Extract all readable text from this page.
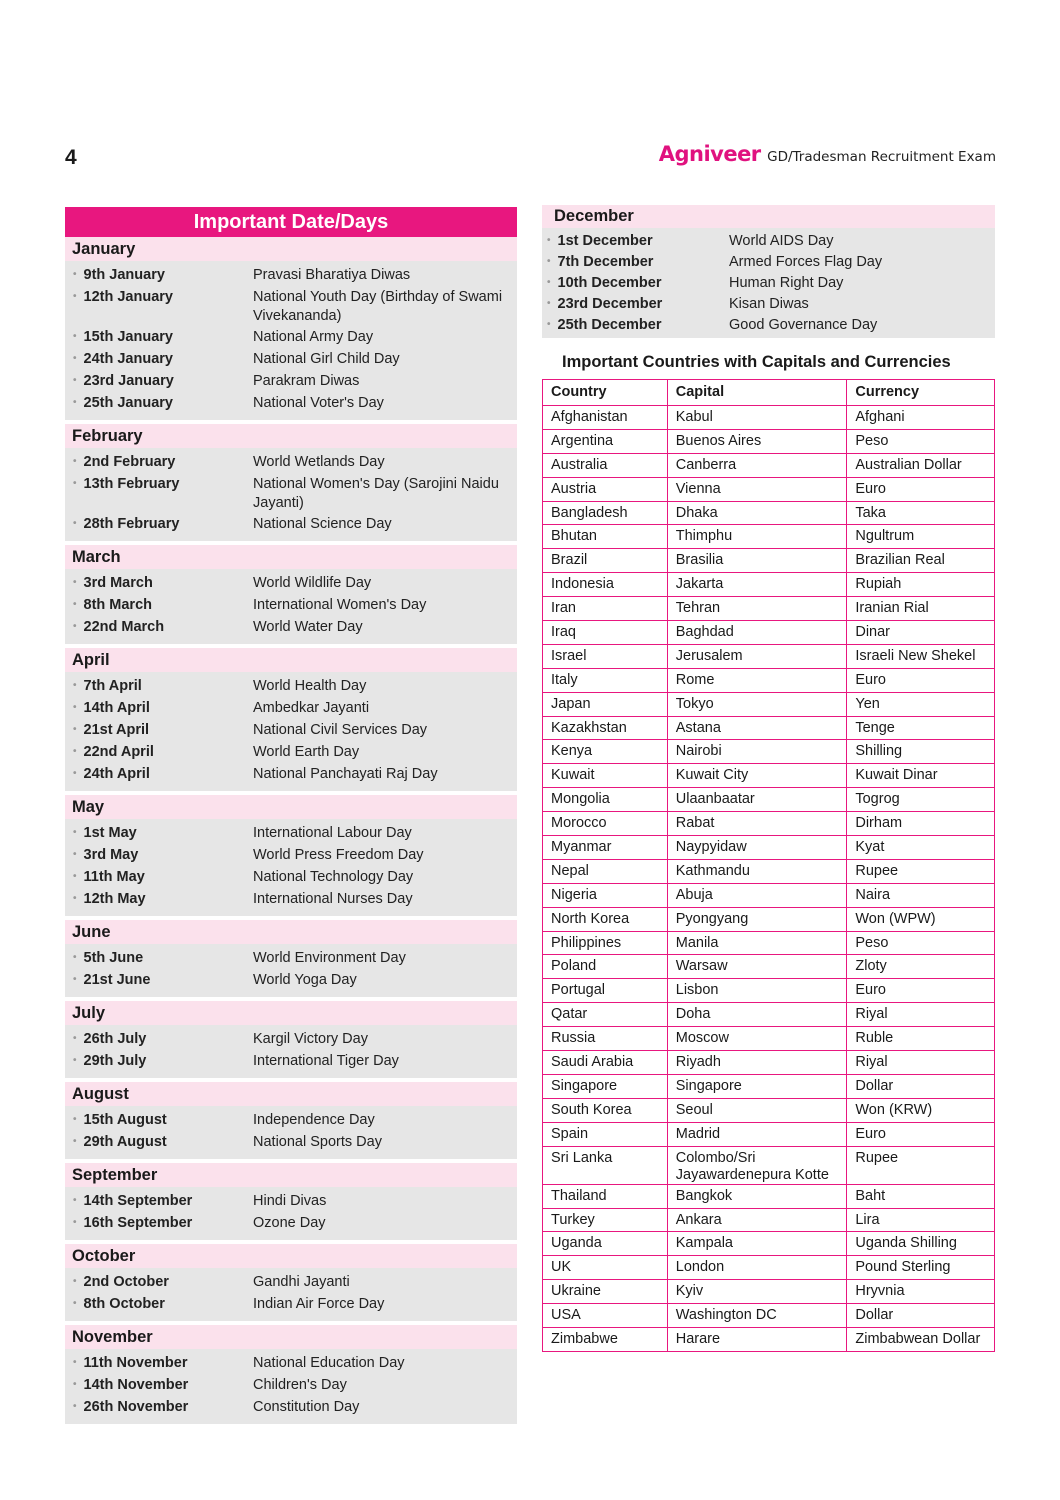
4	Agniveer GD/Tradesman Recruitment Exam
Important Date/Days
January
• 9th January	Pravasi Bharatiya Diwas
• 12th January	National Youth Day (Birthday of Swami Vivekananda)
• 15th January	National Army Day
• 24th January	National Girl Child Day
• 23rd January	Parakram Diwas
• 25th January	National Voter's Day
February
• 2nd February	World Wetlands Day
• 13th February	National Women's Day (Sarojini Naidu Jayanti)
• 28th February	National Science Day
March
• 3rd March	World Wildlife Day
• 8th March	International Women's Day
• 22nd March	World Water Day
April
• 7th April	World Health Day
• 14th April	Ambedkar Jayanti
• 21st April	National Civil Services Day
• 22nd April	World Earth Day
• 24th April	National Panchayati Raj Day
May
• 1st May	International Labour Day
• 3rd May	World Press Freedom Day
• 11th May	National Technology Day
• 12th May	International Nurses Day
June
• 5th June	World Environment Day
• 21st June	World Yoga Day
July
• 26th July	Kargil Victory Day
• 29th July	International Tiger Day
August
• 15th August	Independence Day
• 29th August	National Sports Day
September
• 14th September	Hindi Divas
• 16th September	Ozone Day
October
• 2nd October	Gandhi Jayanti
• 8th October	Indian Air Force Day
November
• 11th November	National Education Day
• 14th November	Children's Day
• 26th November	Constitution Day
December
• 1st December	World AIDS Day
• 7th December	Armed Forces Flag Day
• 10th December	Human Right Day
• 23rd December	Kisan Diwas
• 25th December	Good Governance Day
Important Countries with Capitals and Currencies
Country	Capital	Currency
Afghanistan	Kabul	Afghani
Argentina	Buenos Aires	Peso
Australia	Canberra	Australian Dollar
Austria	Vienna	Euro
Bangladesh	Dhaka	Taka
Bhutan	Thimphu	Ngultrum
Brazil	Brasilia	Brazilian Real
Indonesia	Jakarta	Rupiah
Iran	Tehran	Iranian Rial
Iraq	Baghdad	Dinar
Israel	Jerusalem	Israeli New Shekel
Italy	Rome	Euro
Japan	Tokyo	Yen
Kazakhstan	Astana	Tenge
Kenya	Nairobi	Shilling
Kuwait	Kuwait City	Kuwait Dinar
Mongolia	Ulaanbaatar	Togrog
Morocco	Rabat	Dirham
Myanmar	Naypyidaw	Kyat
Nepal	Kathmandu	Rupee
Nigeria	Abuja	Naira
North Korea	Pyongyang	Won (WPW)
Philippines	Manila	Peso
Poland	Warsaw	Zloty
Portugal	Lisbon	Euro
Qatar	Doha	Riyal
Russia	Moscow	Ruble
Saudi Arabia	Riyadh	Riyal
Singapore	Singapore	Dollar
South Korea	Seoul	Won (KRW)
Spain	Madrid	Euro
Sri Lanka	Colombo/Sri Jayawardenepura Kotte	Rupee
Thailand	Bangkok	Baht
Turkey	Ankara	Lira
Uganda	Kampala	Uganda Shilling
UK	London	Pound Sterling
Ukraine	Kyiv	Hryvnia
USA	Washington DC	Dollar
Zimbabwe	Harare	Zimbabwean Dollar
